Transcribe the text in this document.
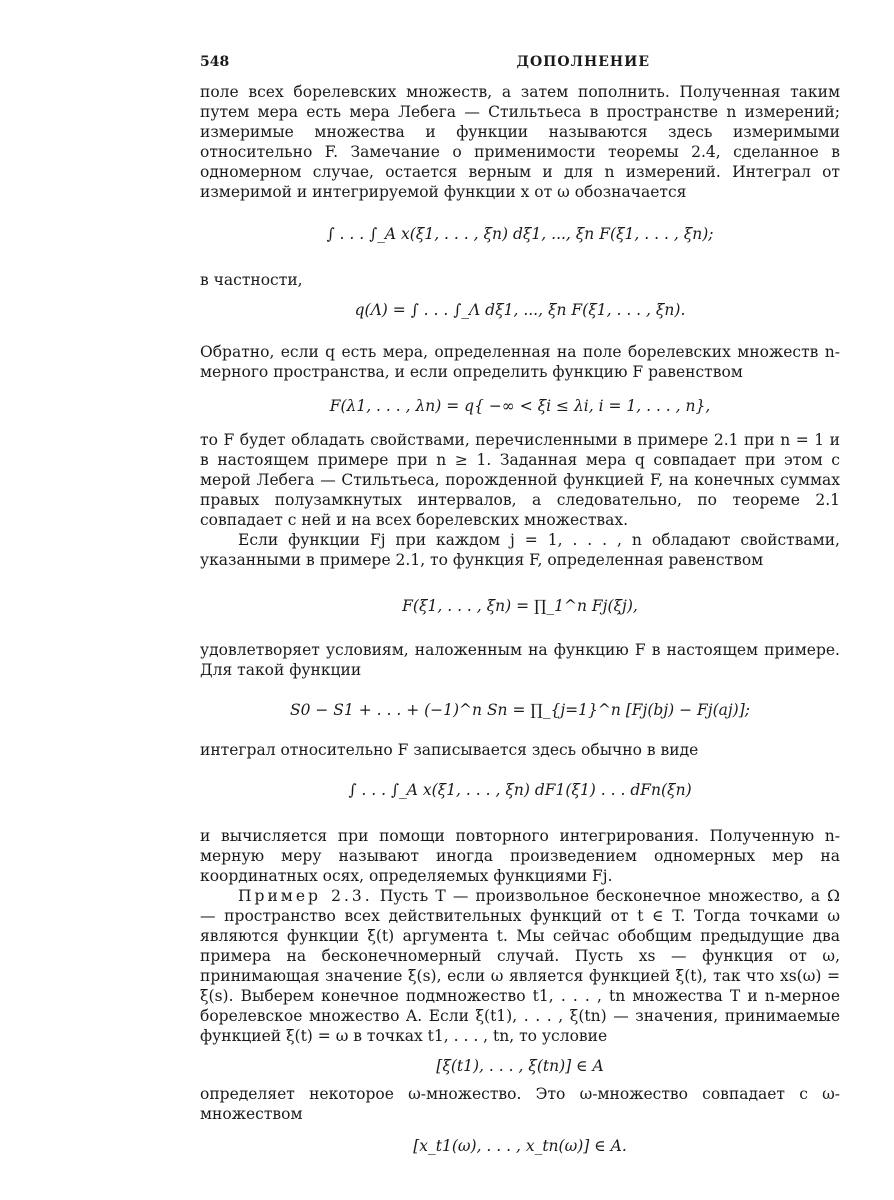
548	ДОПОЛНЕНИЕ

поле всех борелевских множеств, а затем пополнить. Полученная таким путем мера есть мера Лебега — Стильтьеса в пространстве n измерений; измеримые множества и функции называются здесь измеримыми относительно F. Замечание о применимости теоремы 2.4, сделанное в одномерном случае, остается верным и для n измерений. Интеграл от измеримой и интегрируемой функции x от ω обозначается

∫ . . . ∫_A x(ξ1, . . . , ξn) dξ1, ..., ξn F(ξ1, . . . , ξn);

в частности,

q(Λ) = ∫ . . . ∫_Λ dξ1, ..., ξn F(ξ1, . . . , ξn).

Обратно, если q есть мера, определенная на поле борелевских множеств n-мерного пространства, и если определить функцию F равенством

F(λ1, . . . , λn) = q{ −∞ < ξi ≤ λi, i = 1, . . . , n},

то F будет обладать свойствами, перечисленными в примере 2.1 при n = 1 и в настоящем примере при n ≥ 1. Заданная мера q совпадает при этом с мерой Лебега — Стильтьеса, порожденной функцией F, на конечных суммах правых полузамкнутых интервалов, а следовательно, по теореме 2.1 совпадает с ней и на всех борелевских множествах.

Если функции Fj при каждом j = 1, . . . , n обладают свойствами, указанными в примере 2.1, то функция F, определенная равенством

F(ξ1, . . . , ξn) = ∏_1^n Fj(ξj),

удовлетворяет условиям, наложенным на функцию F в настоящем примере. Для такой функции

S0 − S1 + . . . + (−1)^n Sn = ∏_{j=1}^n [Fj(bj) − Fj(aj)];

интеграл относительно F записывается здесь обычно в виде

∫ . . . ∫_A x(ξ1, . . . , ξn) dF1(ξ1) . . . dFn(ξn)

и вычисляется при помощи повторного интегрирования. Полученную n-мерную меру называют иногда произведением одномерных мер на координатных осях, определяемых функциями Fj.

Пример 2.3. Пусть T — произвольное бесконечное множество, а Ω — пространство всех действительных функций от t ∈ T. Тогда точками ω являются функции ξ(t) аргумента t. Мы сейчас обобщим предыдущие два примера на бесконечномерный случай. Пусть xs — функция от ω, принимающая значение ξ(s), если ω является функцией ξ(t), так что xs(ω) = ξ(s). Выберем конечное подмножество t1, . . . , tn множества T и n-мерное борелевское множество A. Если ξ(t1), . . . , ξ(tn) — значения, принимаемые функцией ξ(t) = ω в точках t1, . . . , tn, то условие

[ξ(t1), . . . , ξ(tn)] ∈ A

определяет некоторое ω-множество. Это ω-множество совпадает с ω-множеством

[x_t1(ω), . . . , x_tn(ω)] ∈ A.
